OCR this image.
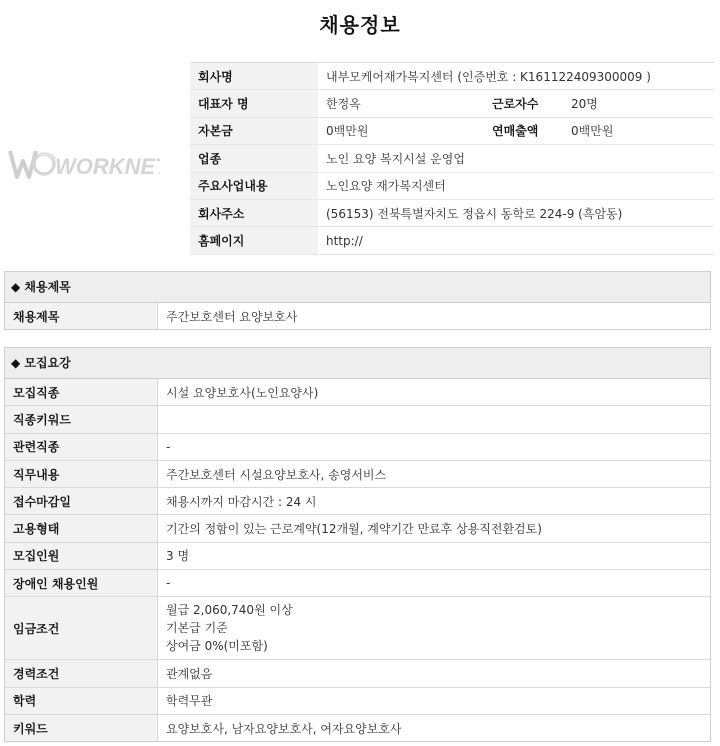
채용정보
WORKNET
회사명	내부모케어재가복지센터 (인증번호 : K161122409300009 )		
대표자 명	한정옥	근로자수	20명
자본금	0백만원	연매출액	0백만원
업종	노인 요양 복지시설 운영업		
주요사업내용	노인요양 재가복지센터		
회사주소	(56153) 전북특별자치도 정읍시 동학로 224-9 (흑암동)		
홈페이지	http://		
◆ 채용제목
채용제목	주간보호센터 요양보호사
◆ 모집요강
모집직종	시설 요양보호사(노인요양사)
직종키워드	
관련직종	-
직무내용	주간보호센터 시설요양보호사, 송영서비스
접수마감일	채용시까지 마감시간 : 24 시
고용형태	기간의 정함이 있는 근로계약(12개월, 계약기간 만료후 상용직전환검토)
모집인원	3 명
장애인 채용인원	-
임금조건	월급 2,060,740원 이상
기본급 기준
상여금 0%(미포함)

경력조건	관계없음
학력	학력무관
키워드	요양보호사, 남자요양보호사, 여자요양보호사
